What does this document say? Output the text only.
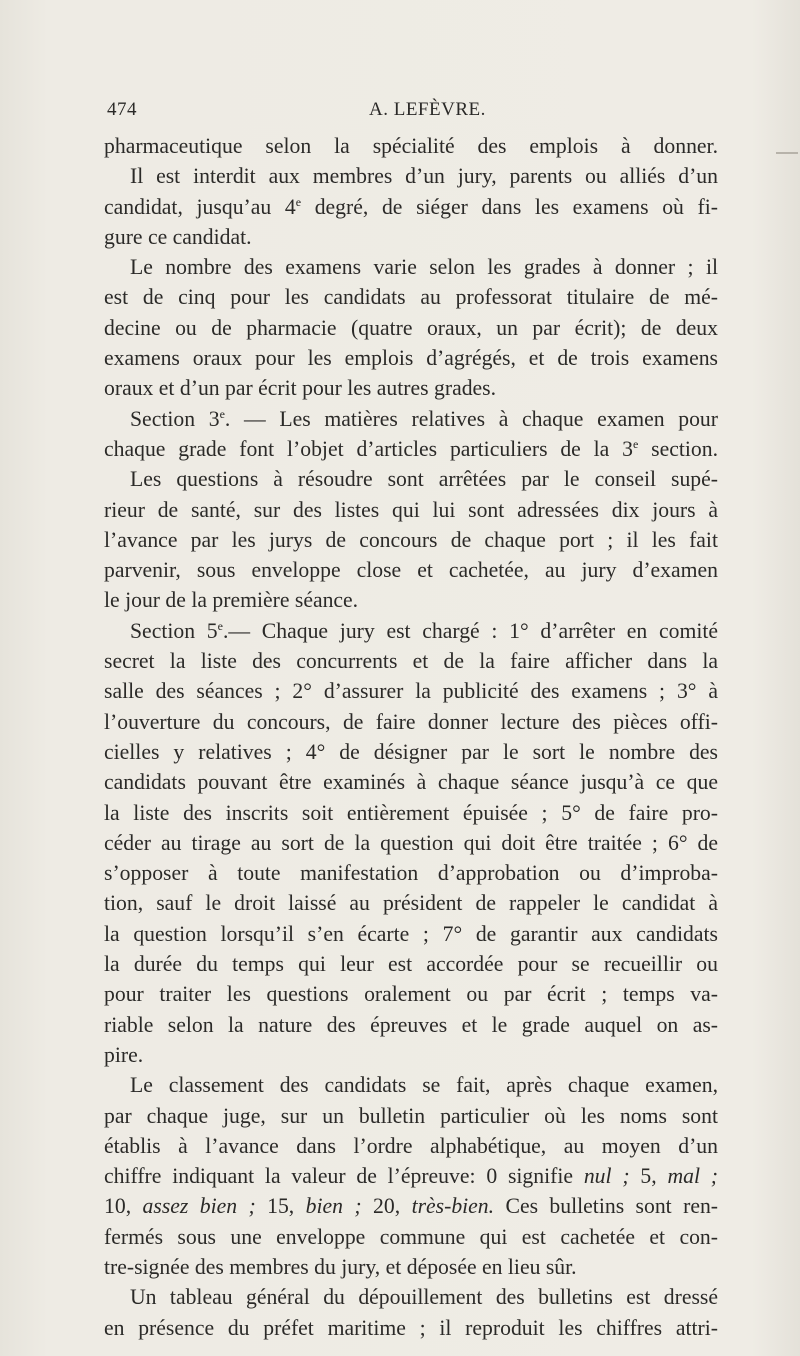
474	A. LEFÈVRE.
pharmaceutique selon la spécialité des emplois à donner.
Il est interdit aux membres d’un jury, parents ou alliés d’un
candidat, jusqu’au 4e degré, de siéger dans les examens où fi-
gure ce candidat.
Le nombre des examens varie selon les grades à donner ; il
est de cinq pour les candidats au professorat titulaire de mé-
decine ou de pharmacie (quatre oraux, un par écrit); de deux
examens oraux pour les emplois d’agrégés, et de trois examens
oraux et d’un par écrit pour les autres grades.
Section 3e. — Les matières relatives à chaque examen pour
chaque grade font l’objet d’articles particuliers de la 3e section.
Les questions à résoudre sont arrêtées par le conseil supé-
rieur de santé, sur des listes qui lui sont adressées dix jours à
l’avance par les jurys de concours de chaque port ; il les fait
parvenir, sous enveloppe close et cachetée, au jury d’examen
le jour de la première séance.
Section 5e.— Chaque jury est chargé : 1° d’arrêter en comité
secret la liste des concurrents et de la faire afficher dans la
salle des séances ; 2° d’assurer la publicité des examens ; 3° à
l’ouverture du concours, de faire donner lecture des pièces offi-
cielles y relatives ; 4° de désigner par le sort le nombre des
candidats pouvant être examinés à chaque séance jusqu’à ce que
la liste des inscrits soit entièrement épuisée ; 5° de faire pro-
céder au tirage au sort de la question qui doit être traitée ; 6° de
s’opposer à toute manifestation d’approbation ou d’improba-
tion, sauf le droit laissé au président de rappeler le candidat à
la question lorsqu’il s’en écarte ; 7° de garantir aux candidats
la durée du temps qui leur est accordée pour se recueillir ou
pour traiter les questions oralement ou par écrit ; temps va-
riable selon la nature des épreuves et le grade auquel on as-
pire.
Le classement des candidats se fait, après chaque examen,
par chaque juge, sur un bulletin particulier où les noms sont
établis à l’avance dans l’ordre alphabétique, au moyen d’un
chiffre indiquant la valeur de l’épreuve: 0 signifie nul ; 5, mal ;
10, assez bien ; 15, bien ; 20, très-bien. Ces bulletins sont ren-
fermés sous une enveloppe commune qui est cachetée et con-
tre-signée des membres du jury, et déposée en lieu sûr.
Un tableau général du dépouillement des bulletins est dressé
en présence du préfet maritime ; il reproduit les chiffres attri-
